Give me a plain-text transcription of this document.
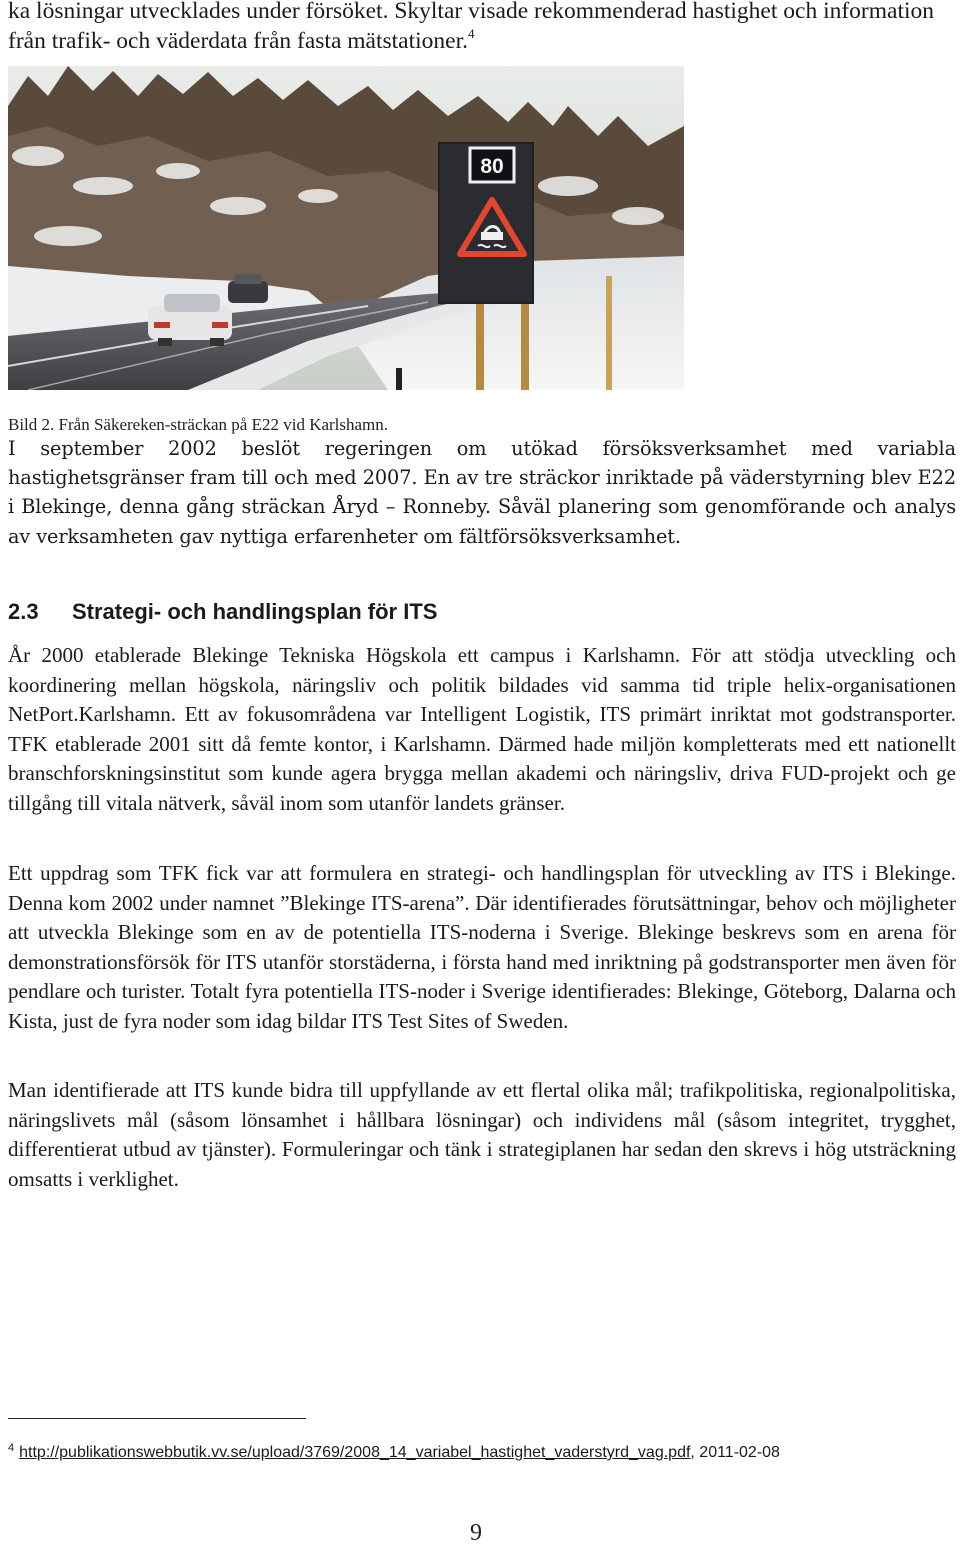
ka lösningar utvecklades under försöket. Skyltar visade rekommenderad hastighet och information från trafik- och väderdata från fasta mätstationer.$^4$
80
Bild 2. Från Säkereken-sträckan på E22 vid Karlshamn.
I september 2002 beslöt regeringen om utökad försöksverksamhet med variabla hastighetsgränser fram till och med 2007. En av tre sträckor inriktade på väderstyrning blev E22 i Blekinge, denna gång sträckan Åryd – Ronneby. Såväl planering som genomförande och analys av verksamheten gav nyttiga erfarenheter om fältförsöksverksamhet.
2.3 Strategi- och handlingsplan för ITS
År 2000 etablerade Blekinge Tekniska Högskola ett campus i Karlshamn. För att stödja utveckling och koordinering mellan högskola, näringsliv och politik bildades vid samma tid triple helix-organisationen NetPort.Karlshamn. Ett av fokusområdena var Intelligent Logistik, ITS primärt inriktat mot godstransporter. TFK etablerade 2001 sitt då femte kontor, i Karlshamn. Därmed hade miljön kompletterats med ett nationellt branschforskningsinstitut som kunde agera brygga mellan akademi och näringsliv, driva FUD-projekt och ge tillgång till vitala nätverk, såväl inom som utanför landets gränser.
Ett uppdrag som TFK fick var att formulera en strategi- och handlingsplan för utveckling av ITS i Blekinge. Denna kom 2002 under namnet ”Blekinge ITS-arena”. Där identifierades förutsättningar, behov och möjligheter att utveckla Blekinge som en av de potentiella ITS-noderna i Sverige. Blekinge beskrevs som en arena för demonstrationsförsök för ITS utanför storstäderna, i första hand med inriktning på godstransporter men även för pendlare och turister. Totalt fyra potentiella ITS-noder i Sverige identifierades: Blekinge, Göteborg, Dalarna och Kista, just de fyra noder som idag bildar ITS Test Sites of Sweden.
Man identifierade att ITS kunde bidra till uppfyllande av ett flertal olika mål; trafikpolitiska, regionalpolitiska, näringslivets mål (såsom lönsamhet i hållbara lösningar) och individens mål (såsom integritet, trygghet, differentierat utbud av tjänster). Formuleringar och tänk i strategiplanen har sedan den skrevs i hög utsträckning omsatts i verklighet.
$^4$ http://publikationswebbutik.vv.se/upload/3769/2008_14_variabel_hastighet_vaderstyrd_vag.pdf, 2011-02-08
9
